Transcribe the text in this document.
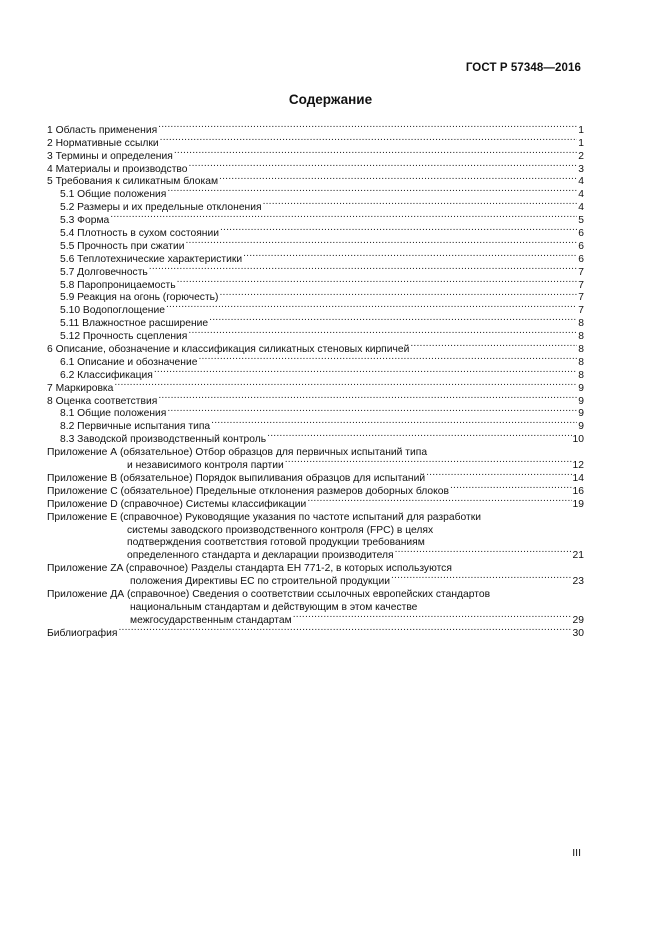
ГОСТ Р 57348—2016
Содержание
1 Область применения .....	1
2 Нормативные ссылки .....	1
3 Термины и определения .....	2
4 Материалы и производство .....	3
5 Требования к силикатным блокам .....	4
5.1 Общие положения .....	4
5.2 Размеры и их предельные отклонения .....	4
5.3 Форма .....	5
5.4 Плотность в сухом состоянии .....	6
5.5 Прочность при сжатии .....	6
5.6 Теплотехнические характеристики .....	6
5.7 Долговечность .....	7
5.8 Паропроницаемость .....	7
5.9 Реакция на огонь (горючесть) .....	7
5.10 Водопоглощение .....	7
5.11 Влажностное расширение .....	8
5.12 Прочность сцепления .....	8
6 Описание, обозначение и классификация силикатных стеновых кирпичей .....	8
6.1 Описание и обозначение .....	8
6.2 Классификация .....	8
7 Маркировка .....	9
8 Оценка соответствия .....	9
8.1 Общие положения .....	9
8.2 Первичные испытания типа .....	9
8.3 Заводской производственный контроль .....	10
Приложение А (обязательное) Отбор образцов для первичных испытаний типа
и независимого контроля партии .....	12
Приложение В (обязательное) Порядок выпиливания образцов для испытаний .....	14
Приложение С (обязательное) Предельные отклонения размеров доборных блоков .....	16
Приложение D (справочное) Системы классификации .....	19
Приложение Е (справочное) Руководящие указания по частоте испытаний для разработки
системы заводского производственного контроля (FPC) в целях
подтверждения соответствия готовой продукции требованиям
определенного стандарта и декларации производителя .....	21
Приложение ZA (справочное) Разделы стандарта ЕН 771-2, в которых используются
положения Директивы ЕС по строительной продукции .....	23
Приложение ДА (справочное) Сведения о соответствии ссылочных европейских стандартов
национальным стандартам и действующим в этом качестве
межгосударственным стандартам .....	29
Библиография .....	30
III
